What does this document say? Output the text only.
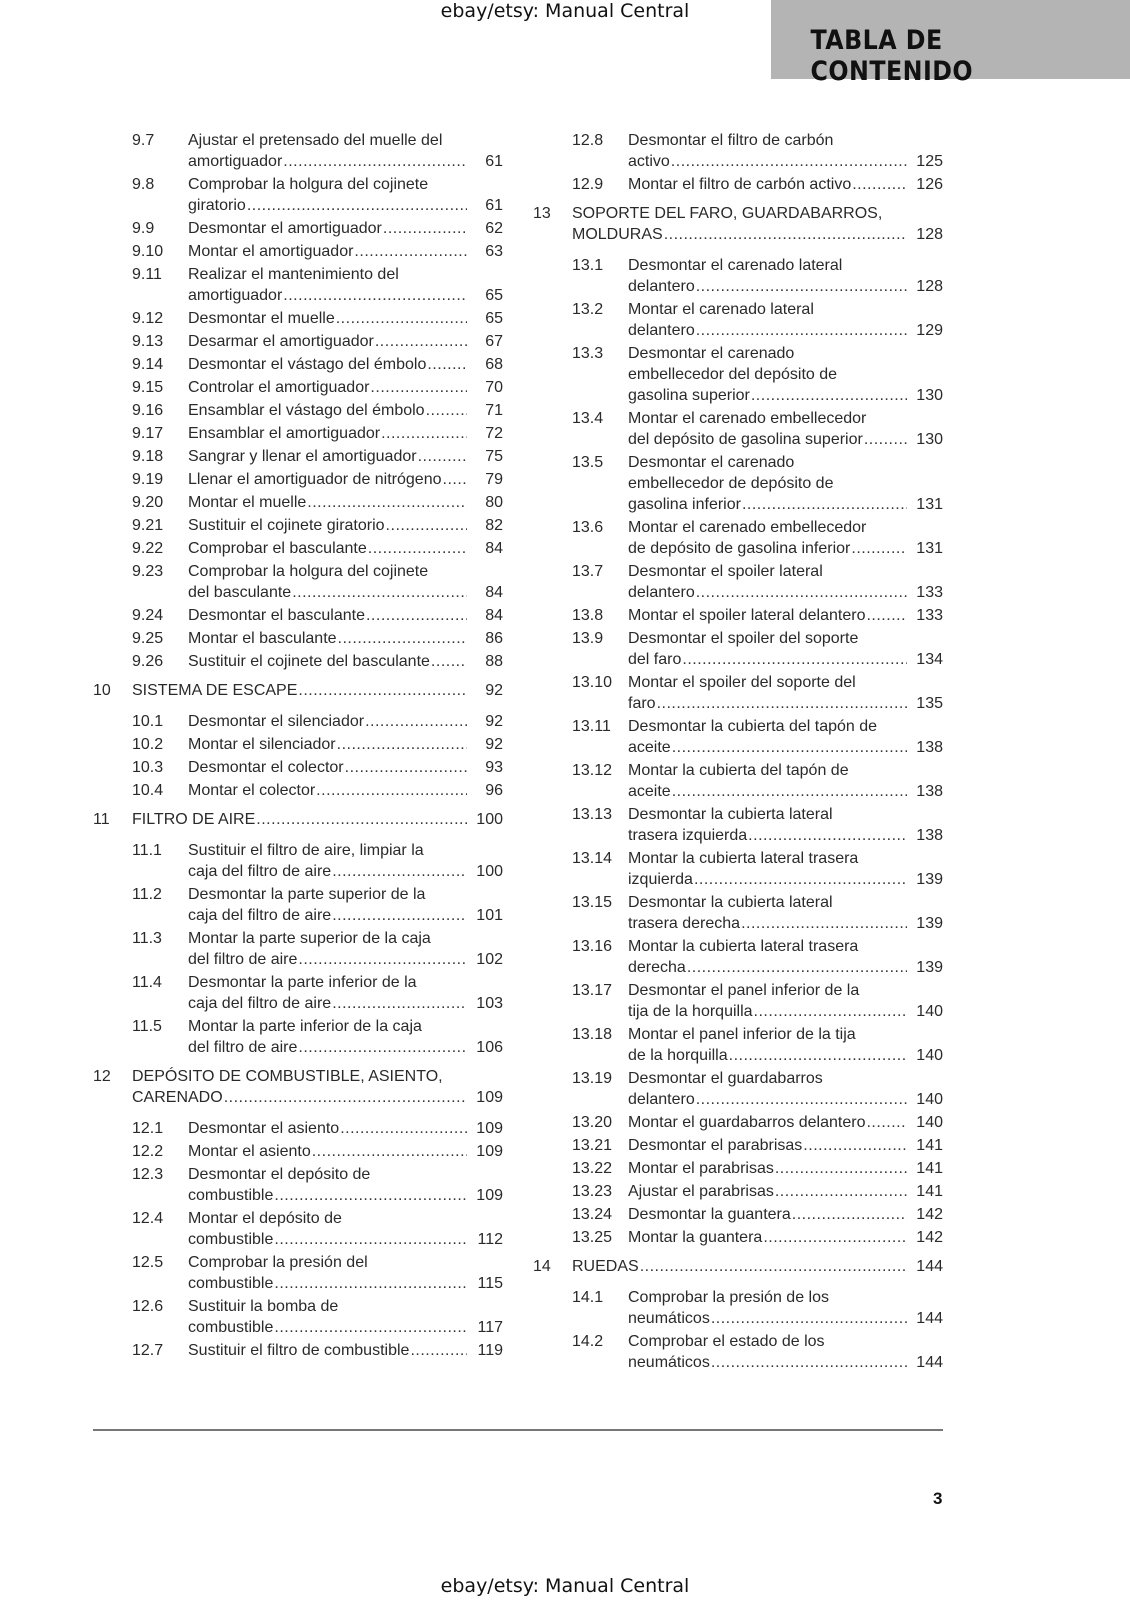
ebay/etsy: Manual Central
TABLA DE CONTENIDO
9.7 Ajustar el pretensado del muelle del
amortiguador .....	61
9.8 Comprobar la holgura del cojinete
giratorio .....	61
9.9 Desmontar el amortiguador .....	62
9.10 Montar el amortiguador .....	63
9.11 Realizar el mantenimiento del
amortiguador .....	65
9.12 Desmontar el muelle .....	65
9.13 Desarmar el amortiguador .....	67
9.14 Desmontar el vástago del émbolo .....	68
9.15 Controlar el amortiguador .....	70
9.16 Ensamblar el vástago del émbolo .....	71
9.17 Ensamblar el amortiguador .....	72
9.18 Sangrar y llenar el amortiguador .....	75
9.19 Llenar el amortiguador de nitrógeno .....	79
9.20 Montar el muelle .....	80
9.21 Sustituir el cojinete giratorio .....	82
9.22 Comprobar el basculante .....	84
9.23 Comprobar la holgura del cojinete
del basculante .....	84
9.24 Desmontar el basculante .....	84
9.25 Montar el basculante .....	86
9.26 Sustituir el cojinete del basculante .....	88
10 SISTEMA DE ESCAPE .....	92
10.1 Desmontar el silenciador .....	92
10.2 Montar el silenciador .....	92
10.3 Desmontar el colector .....	93
10.4 Montar el colector .....	96
11 FILTRO DE AIRE .....	100
11.1 Sustituir el filtro de aire, limpiar la
caja del filtro de aire .....	100
11.2 Desmontar la parte superior de la
caja del filtro de aire .....	101
11.3 Montar la parte superior de la caja
del filtro de aire .....	102
11.4 Desmontar la parte inferior de la
caja del filtro de aire .....	103
11.5 Montar la parte inferior de la caja
del filtro de aire .....	106
12 DEPÓSITO DE COMBUSTIBLE, ASIENTO,
CARENADO .....	109
12.1 Desmontar el asiento .....	109
12.2 Montar el asiento .....	109
12.3 Desmontar el depósito de
combustible .....	109
12.4 Montar el depósito de
combustible .....	112
12.5 Comprobar la presión del
combustible .....	115
12.6 Sustituir la bomba de
combustible .....	117
12.7 Sustituir el filtro de combustible .....	119
12.8 Desmontar el filtro de carbón
activo .....	125
12.9 Montar el filtro de carbón activo .....	126
13 SOPORTE DEL FARO, GUARDABARROS,
MOLDURAS .....	128
13.1 Desmontar el carenado lateral
delantero .....	128
13.2 Montar el carenado lateral
delantero .....	129
13.3 Desmontar el carenado
embellecedor del depósito de
gasolina superior .....	130
13.4 Montar el carenado embellecedor
del depósito de gasolina superior .....	130
13.5 Desmontar el carenado
embellecedor de depósito de
gasolina inferior .....	131
13.6 Montar el carenado embellecedor
de depósito de gasolina inferior .....	131
13.7 Desmontar el spoiler lateral
delantero .....	133
13.8 Montar el spoiler lateral delantero .....	133
13.9 Desmontar el spoiler del soporte
del faro .....	134
13.10 Montar el spoiler del soporte del
faro .....	135
13.11 Desmontar la cubierta del tapón de
aceite .....	138
13.12 Montar la cubierta del tapón de
aceite .....	138
13.13 Desmontar la cubierta lateral
trasera izquierda .....	138
13.14 Montar la cubierta lateral trasera
izquierda .....	139
13.15 Desmontar la cubierta lateral
trasera derecha .....	139
13.16 Montar la cubierta lateral trasera
derecha .....	139
13.17 Desmontar el panel inferior de la
tija de la horquilla .....	140
13.18 Montar el panel inferior de la tija
de la horquilla .....	140
13.19 Desmontar el guardabarros
delantero .....	140
13.20 Montar el guardabarros delantero .....	140
13.21 Desmontar el parabrisas .....	141
13.22 Montar el parabrisas .....	141
13.23 Ajustar el parabrisas .....	141
13.24 Desmontar la guantera .....	142
13.25 Montar la guantera .....	142
14 RUEDAS .....	144
14.1 Comprobar la presión de los
neumáticos .....	144
14.2 Comprobar el estado de los
neumáticos .....	144
3
ebay/etsy: Manual Central
